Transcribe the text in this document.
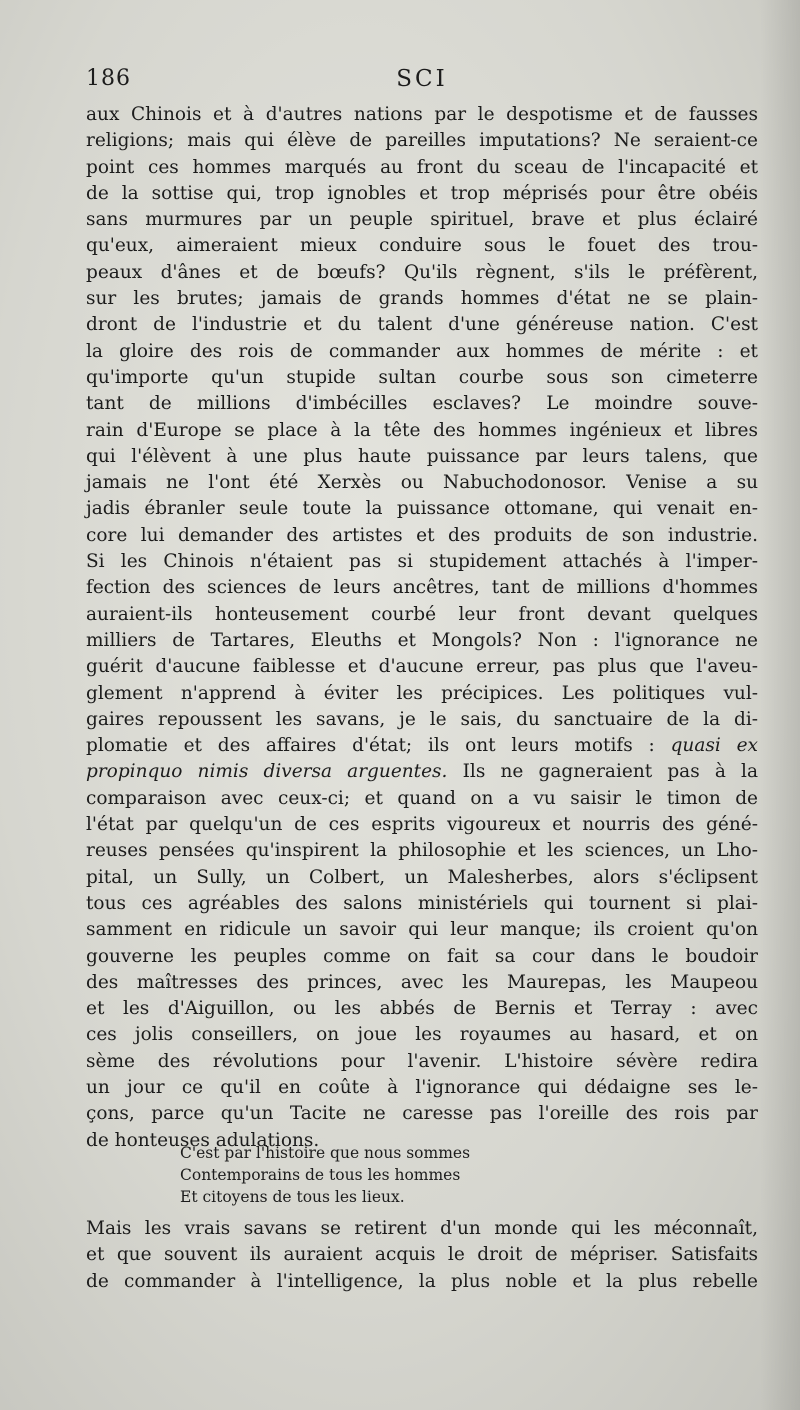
186	SCI
aux Chinois et à d'autres nations par le despotisme et de fausses
religions; mais qui élève de pareilles imputations? Ne seraient-ce
point ces hommes marqués au front du sceau de l'incapacité et
de la sottise qui, trop ignobles et trop méprisés pour être obéis
sans murmures par un peuple spirituel, brave et plus éclairé
qu'eux, aimeraient mieux conduire sous le fouet des trou-
peaux d'ânes et de bœufs? Qu'ils règnent, s'ils le préfèrent,
sur les brutes; jamais de grands hommes d'état ne se plain-
dront de l'industrie et du talent d'une généreuse nation. C'est
la gloire des rois de commander aux hommes de mérite : et
qu'importe qu'un stupide sultan courbe sous son cimeterre
tant de millions d'imbécilles esclaves? Le moindre souve-
rain d'Europe se place à la tête des hommes ingénieux et libres
qui l'élèvent à une plus haute puissance par leurs talens, que
jamais ne l'ont été Xerxès ou Nabuchodonosor. Venise a su
jadis ébranler seule toute la puissance ottomane, qui venait en-
core lui demander des artistes et des produits de son industrie.
Si les Chinois n'étaient pas si stupidement attachés à l'imper-
fection des sciences de leurs ancêtres, tant de millions d'hommes
auraient-ils honteusement courbé leur front devant quelques
milliers de Tartares, Eleuths et Mongols? Non : l'ignorance ne
guérit d'aucune faiblesse et d'aucune erreur, pas plus que l'aveu-
glement n'apprend à éviter les précipices. Les politiques vul-
gaires repoussent les savans, je le sais, du sanctuaire de la di-
plomatie et des affaires d'état; ils ont leurs motifs : quasi ex
propinquo nimis diversa arguentes. Ils ne gagneraient pas à la
comparaison avec ceux-ci; et quand on a vu saisir le timon de
l'état par quelqu'un de ces esprits vigoureux et nourris des géné-
reuses pensées qu'inspirent la philosophie et les sciences, un Lho-
pital, un Sully, un Colbert, un Malesherbes, alors s'éclipsent
tous ces agréables des salons ministériels qui tournent si plai-
samment en ridicule un savoir qui leur manque; ils croient qu'on
gouverne les peuples comme on fait sa cour dans le boudoir
des maîtresses des princes, avec les Maurepas, les Maupeou
et les d'Aiguillon, ou les abbés de Bernis et Terray : avec
ces jolis conseillers, on joue les royaumes au hasard, et on
sème des révolutions pour l'avenir. L'histoire sévère redira
un jour ce qu'il en coûte à l'ignorance qui dédaigne ses le-
çons, parce qu'un Tacite ne caresse pas l'oreille des rois par
de honteuses adulations.
C'est par l'histoire que nous sommes
Contemporains de tous les hommes
Et citoyens de tous les lieux.
Mais les vrais savans se retirent d'un monde qui les méconnaît,
et que souvent ils auraient acquis le droit de mépriser. Satisfaits
de commander à l'intelligence, la plus noble et la plus rebelle
